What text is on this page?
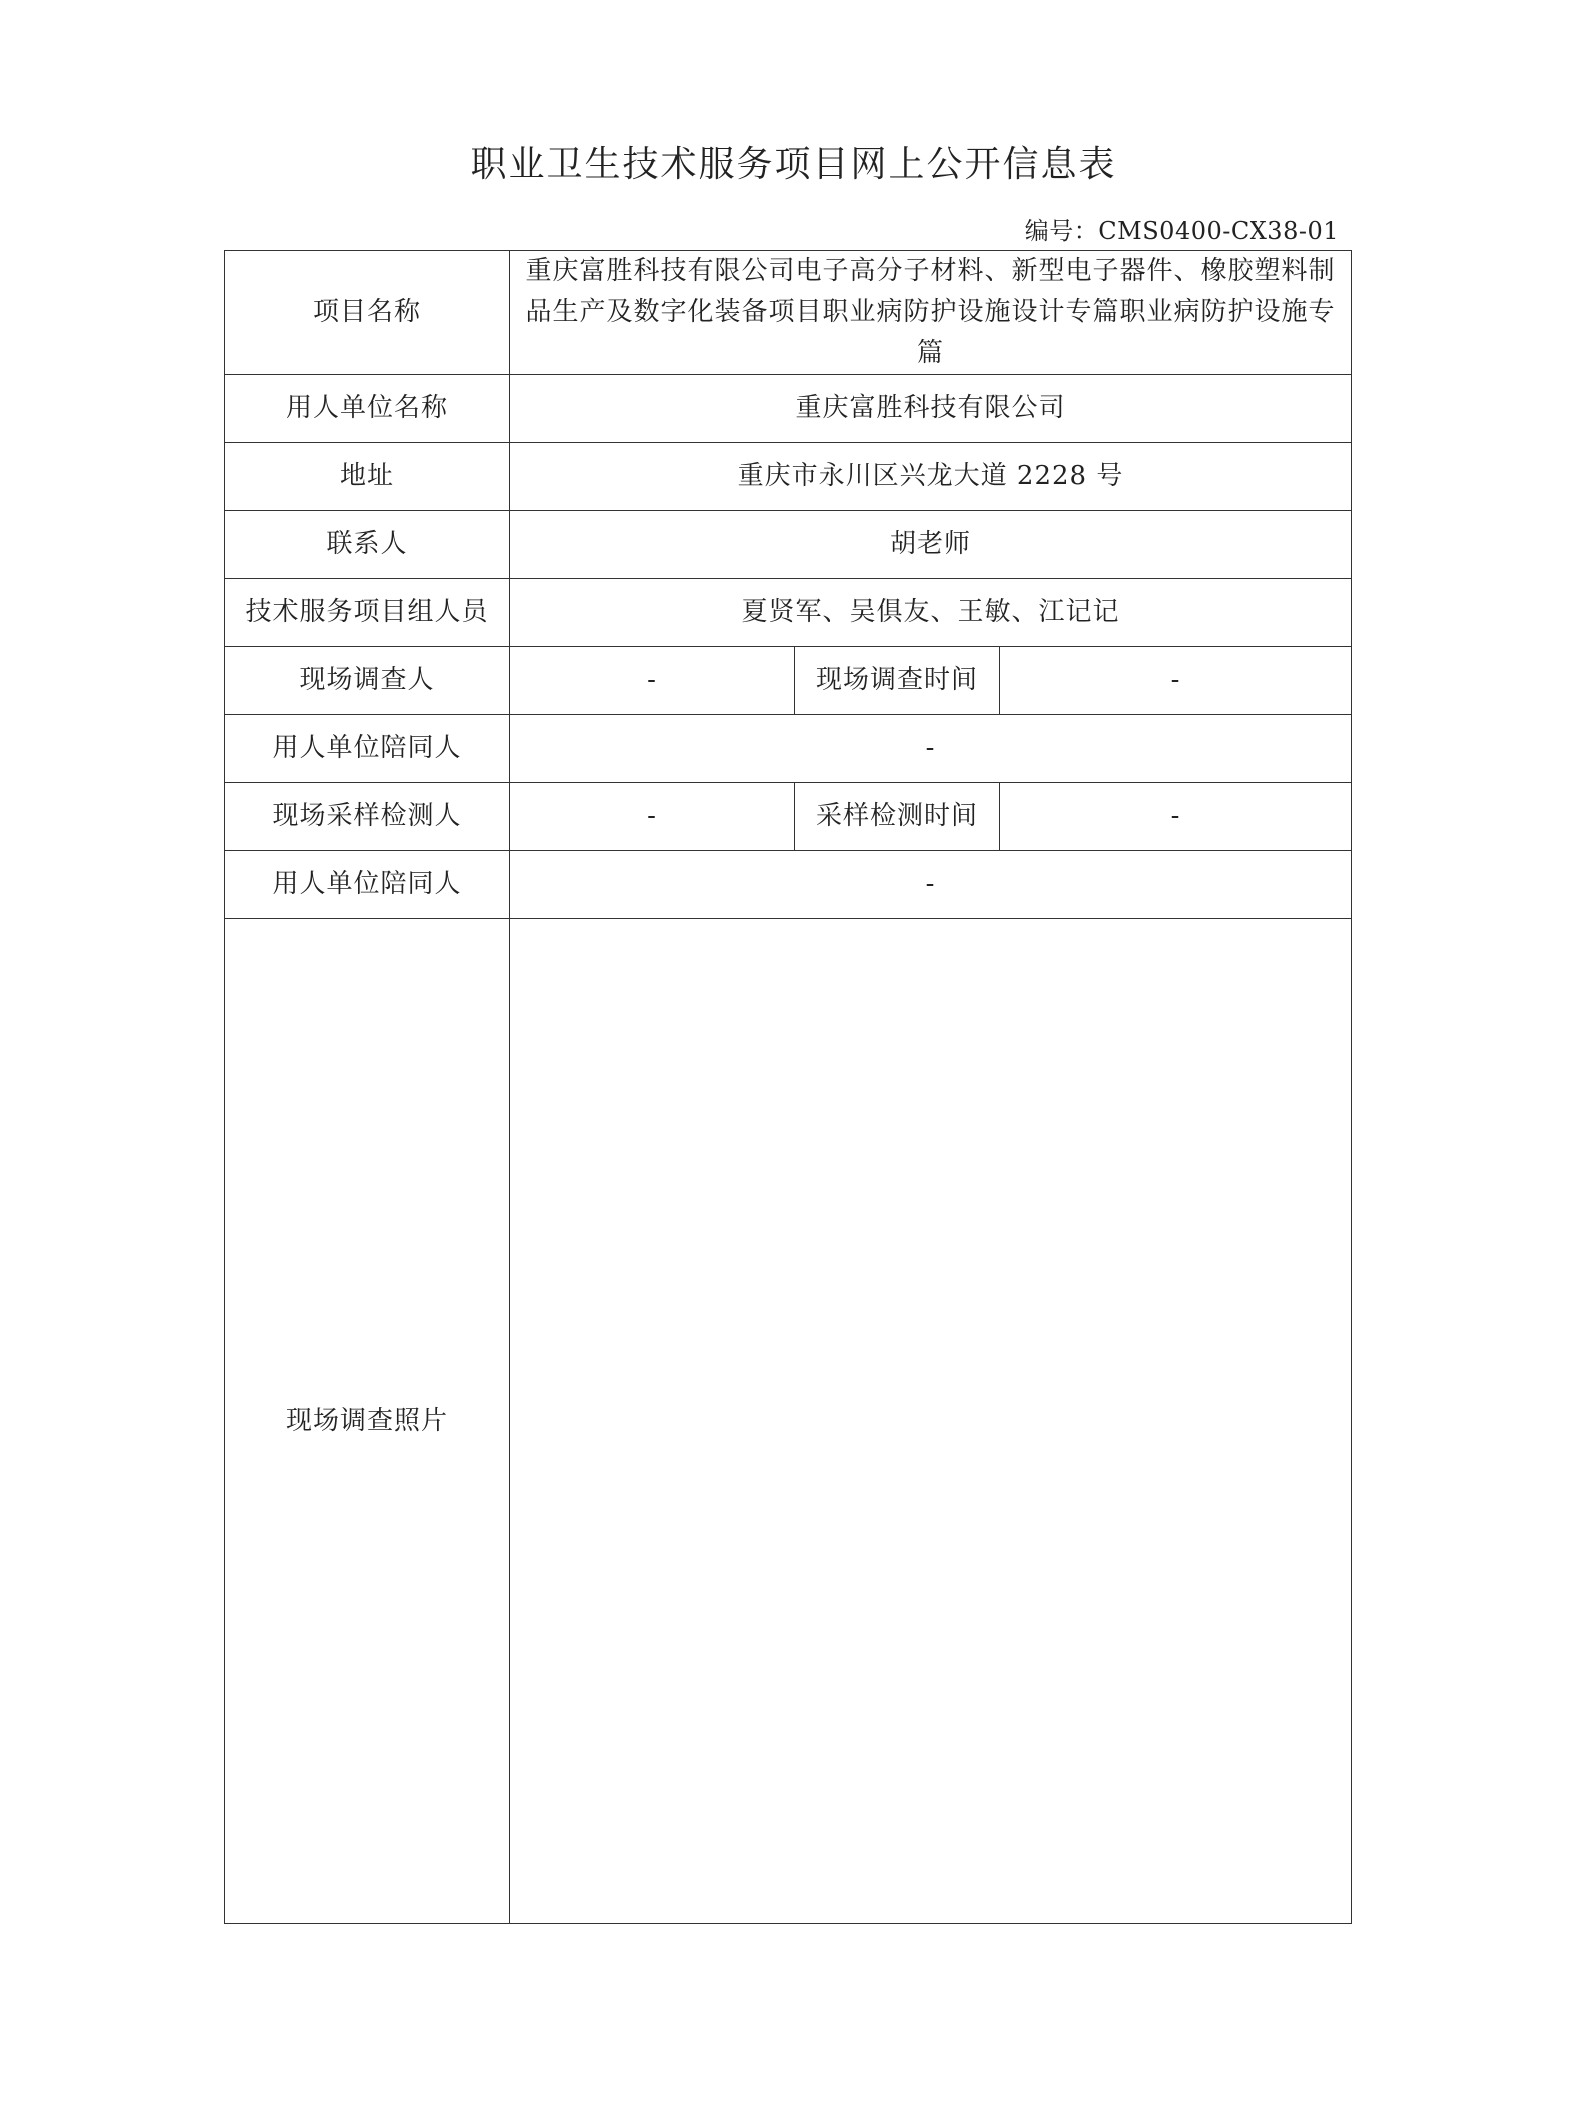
职业卫生技术服务项目网上公开信息表
编号：CMS0400-CX38-01
项目名称	重庆富胜科技有限公司电子高分子材料、新型电子器件、橡胶塑料制品生产及数字化装备项目职业病防护设施设计专篇职业病防护设施专篇		
用人单位名称	重庆富胜科技有限公司		
地址	重庆市永川区兴龙大道 2228 号		
联系人	胡老师		
技术服务项目组人员	夏贤军、吴俱友、王敏、江记记		
现场调查人	-	现场调查时间	-
用人单位陪同人	-		
现场采样检测人	-	采样检测时间	-
用人单位陪同人	-		
现场调查照片			
